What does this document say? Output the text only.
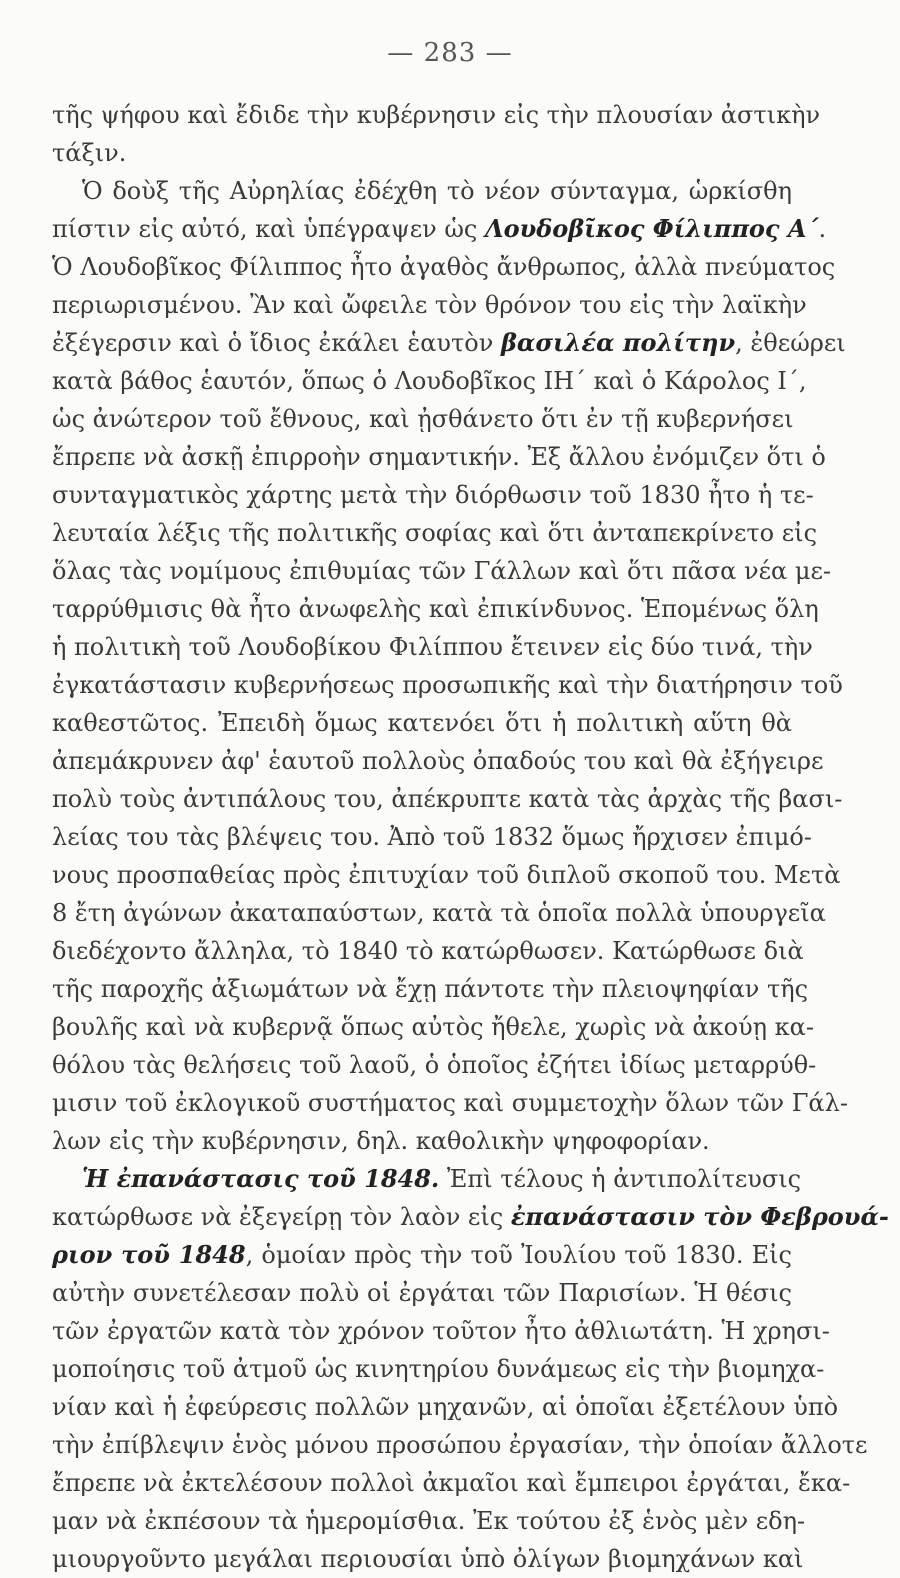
— 283 —
τῆς ψήφου καὶ ἔδιδε τὴν κυβέρνησιν εἰς τὴν πλουσίαν ἀστικὴν
τάξιν.
Ὁ δοὺξ τῆς Αὐρηλίας ἐδέχθη τὸ νέον σύνταγμα, ὡρκίσθη
πίστιν εἰς αὐτό, καὶ ὑπέγραψεν ὡς Λουδοβῖκος Φίλιππος Α΄.
Ὁ Λουδοβῖκος Φίλιππος ἦτο ἀγαθὸς ἄνθρωπος, ἀλλὰ πνεύματος
περιωρισμένου. Ἂν καὶ ὤφειλε τὸν θρόνον του εἰς τὴν λαϊκὴν
ἐξέγερσιν καὶ ὁ ἴδιος ἐκάλει ἑαυτὸν βασιλέα πολίτην, ἐθεώρει
κατὰ βάθος ἑαυτόν, ὅπως ὁ Λουδοβῖκος ΙΗ΄ καὶ ὁ Κάρολος Ι΄,
ὡς ἀνώτερον τοῦ ἔθνους, καὶ ᾐσθάνετο ὅτι ἐν τῇ κυβερνήσει
ἔπρεπε νὰ ἀσκῇ ἐπιρροὴν σημαντικήν. Ἐξ ἄλλου ἐνόμιζεν ὅτι ὁ
συνταγματικὸς χάρτης μετὰ τὴν διόρθωσιν τοῦ 1830 ἦτο ἡ τε-
λευταία λέξις τῆς πολιτικῆς σοφίας καὶ ὅτι ἀνταπεκρίνετο εἰς
ὅλας τὰς νομίμους ἐπιθυμίας τῶν Γάλλων καὶ ὅτι πᾶσα νέα με-
ταρρύθμισις θὰ ἦτο ἀνωφελὴς καὶ ἐπικίνδυνος. Ἑπομένως ὅλη
ἡ πολιτικὴ τοῦ Λουδοβίκου Φιλίππου ἔτεινεν εἰς δύο τινά, τὴν
ἐγκατάστασιν κυβερνήσεως προσωπικῆς καὶ τὴν διατήρησιν τοῦ
καθεστῶτος. Ἐπειδὴ ὅμως κατενόει ὅτι ἡ πολιτικὴ αὕτη θὰ
ἀπεμάκρυνεν ἀφ' ἑαυτοῦ πολλοὺς ὀπαδούς του καὶ θὰ ἐξήγειρε
πολὺ τοὺς ἀντιπάλους του, ἀπέκρυπτε κατὰ τὰς ἀρχὰς τῆς βασι-
λείας του τὰς βλέψεις του. Ἀπὸ τοῦ 1832 ὅμως ἤρχισεν ἐπιμό-
νους προσπαθείας πρὸς ἐπιτυχίαν τοῦ διπλοῦ σκοποῦ του. Μετὰ
8 ἔτη ἀγώνων ἀκαταπαύστων, κατὰ τὰ ὁποῖα πολλὰ ὑπουργεῖα
διεδέχοντο ἄλληλα, τὸ 1840 τὸ κατώρθωσεν. Κατώρθωσε διὰ
τῆς παροχῆς ἀξιωμάτων νὰ ἔχῃ πάντοτε τὴν πλειοψηφίαν τῆς
βουλῆς καὶ νὰ κυβερνᾷ ὅπως αὐτὸς ἤθελε, χωρὶς νὰ ἀκούῃ κα-
θόλου τὰς θελήσεις τοῦ λαοῦ, ὁ ὁποῖος ἐζήτει ἰδίως μεταρρύθ-
μισιν τοῦ ἐκλογικοῦ συστήματος καὶ συμμετοχὴν ὅλων τῶν Γάλ-
λων εἰς τὴν κυβέρνησιν, δηλ. καθολικὴν ψηφοφορίαν.
Ἡ ἐπανάστασις τοῦ 1848. Ἐπὶ τέλους ἡ ἀντιπολίτευσις
κατώρθωσε νὰ ἐξεγείρῃ τὸν λαὸν εἰς ἐπανάστασιν τὸν Φεβρουά-
ριον τοῦ 1848, ὁμοίαν πρὸς τὴν τοῦ Ἰουλίου τοῦ 1830. Εἰς
αὐτὴν συνετέλεσαν πολὺ οἱ ἐργάται τῶν Παρισίων. Ἡ θέσις
τῶν ἐργατῶν κατὰ τὸν χρόνον τοῦτον ἦτο ἀθλιωτάτη. Ἡ χρησι-
μοποίησις τοῦ ἀτμοῦ ὡς κινητηρίου δυνάμεως εἰς τὴν βιομηχα-
νίαν καὶ ἡ ἐφεύρεσις πολλῶν μηχανῶν, αἱ ὁποῖαι ἐξετέλουν ὑπὸ
τὴν ἐπίβλεψιν ἑνὸς μόνου προσώπου ἐργασίαν, τὴν ὁποίαν ἄλλοτε
ἔπρεπε νὰ ἐκτελέσουν πολλοὶ ἀκμαῖοι καὶ ἔμπειροι ἐργάται, ἔκα-
μαν νὰ ἐκπέσουν τὰ ἡμερομίσθια. Ἐκ τούτου ἐξ ἑνὸς μὲν εδη-
μιουργοῦντο μεγάλαι περιουσίαι ὑπὸ ὀλίγων βιομηχάνων καὶ
